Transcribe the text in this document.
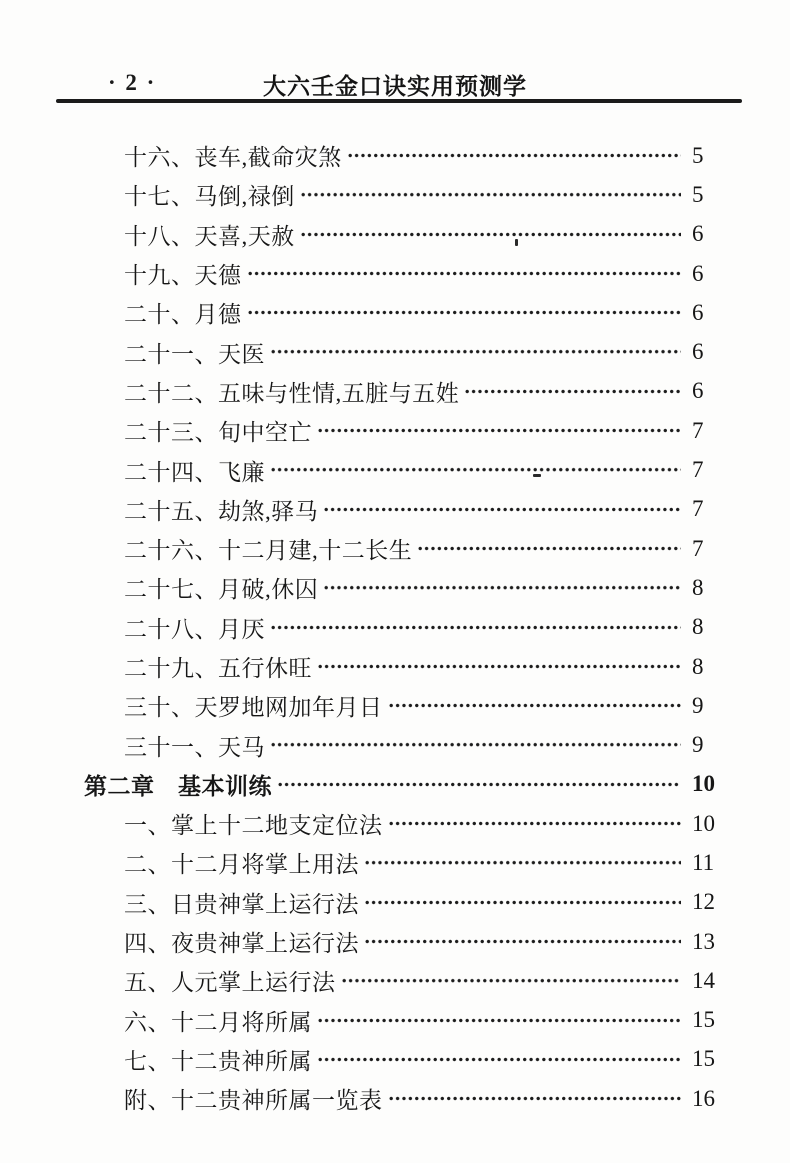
· 2 ·	大六壬金口诀实用预测学
十六、丧车,截命灾煞	5
十七、马倒,禄倒	5
十八、天喜,天赦	6
十九、天德	6
二十、月德	6
二十一、天医	6
二十二、五味与性情,五脏与五姓	6
二十三、旬中空亡	7
二十四、飞廉	7
二十五、劫煞,驿马	7
二十六、十二月建,十二长生	7
二十七、月破,休囚	8
二十八、月厌	8
二十九、五行休旺	8
三十、天罗地网加年月日	9
三十一、天马	9
第二章　基本训练	10
一、掌上十二地支定位法	10
二、十二月将掌上用法	11
三、日贵神掌上运行法	12
四、夜贵神掌上运行法	13
五、人元掌上运行法	14
六、十二月将所属	15
七、十二贵神所属	15
附、十二贵神所属一览表	16
